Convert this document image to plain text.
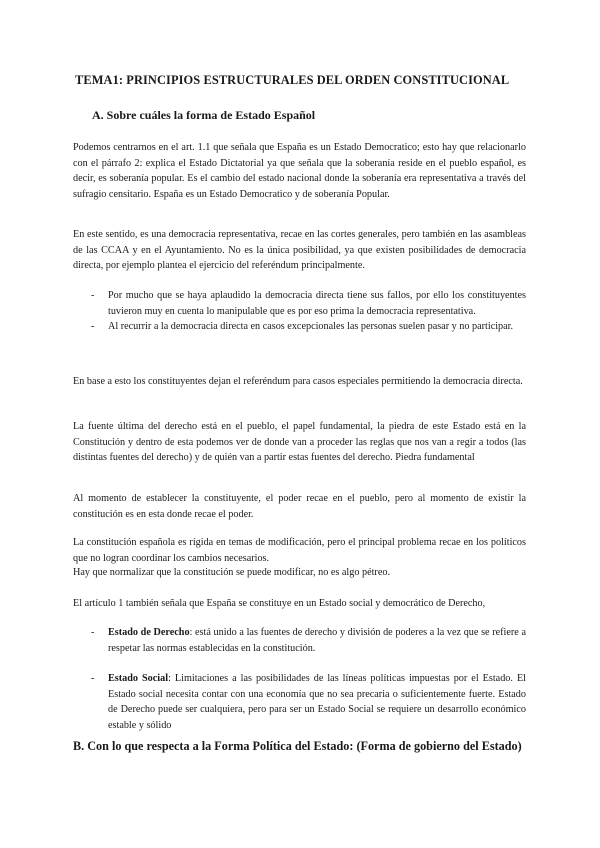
TEMA1: PRINCIPIOS ESTRUCTURALES DEL ORDEN CONSTITUCIONAL
A. Sobre cuáles la forma de Estado Español

Podemos centrarnos en el art. 1.1 que señala que España es un Estado Democratico; esto hay que relacionarlo con el párrafo 2: explica el Estado Dictatorial ya que señala que la soberanía reside en el pueblo español, es decir, es soberanía popular. Es el cambio del estado nacional donde la soberanía era representativa a través del sufragio censitario. España es un Estado Democratico y de soberanía Popular.

En este sentido, es una democracia representativa, recae en las cortes generales, pero también en las asambleas de las CCAA y en el Ayuntamiento. No es la única posibilidad, ya que existen posibilidades de democracia directa, por ejemplo plantea el ejercicio del referéndum principalmente.

- Por mucho que se haya aplaudido la democracia directa tiene sus fallos, por ello los constituyentes tuvieron muy en cuenta lo manipulable que es por eso prima la democracia representativa.
- Al recurrir a la democracia directa en casos excepcionales las personas suelen pasar y no participar.

En base a esto los constituyentes dejan el referéndum para casos especiales permitiendo la democracia directa.

La fuente última del derecho está en el pueblo, el papel fundamental, la piedra de este Estado está en la Constitución y dentro de esta podemos ver de donde van a proceder las reglas que nos van a regir a todos (las distintas fuentes del derecho) y de quién van a partir estas fuentes del derecho. Piedra fundamental

Al momento de establecer la constituyente, el poder recae en el pueblo, pero al momento de existir la constitución es en esta donde recae el poder.

La constitución española es rígida en temas de modificación, pero el principal problema recae en los políticos que no logran coordinar los cambios necesarios.

Hay que normalizar que la constitución se puede modificar, no es algo pétreo.

El artículo 1 también señala que España se constituye en un Estado social y democrático de Derecho,

- Estado de Derecho: está unido a las fuentes de derecho y división de poderes a la vez que se refiere a respetar las normas establecidas en la constitución.
- Estado Social: Limitaciones a las posibilidades de las líneas políticas impuestas por el Estado. El Estado social necesita contar con una economía que no sea precaria o suficientemente fuerte. Estado de Derecho puede ser cualquiera, pero para ser un Estado Social se requiere un desarrollo económico estable y sólido
B. Con lo que respecta a la Forma Política del Estado: (Forma de gobierno del Estado)
